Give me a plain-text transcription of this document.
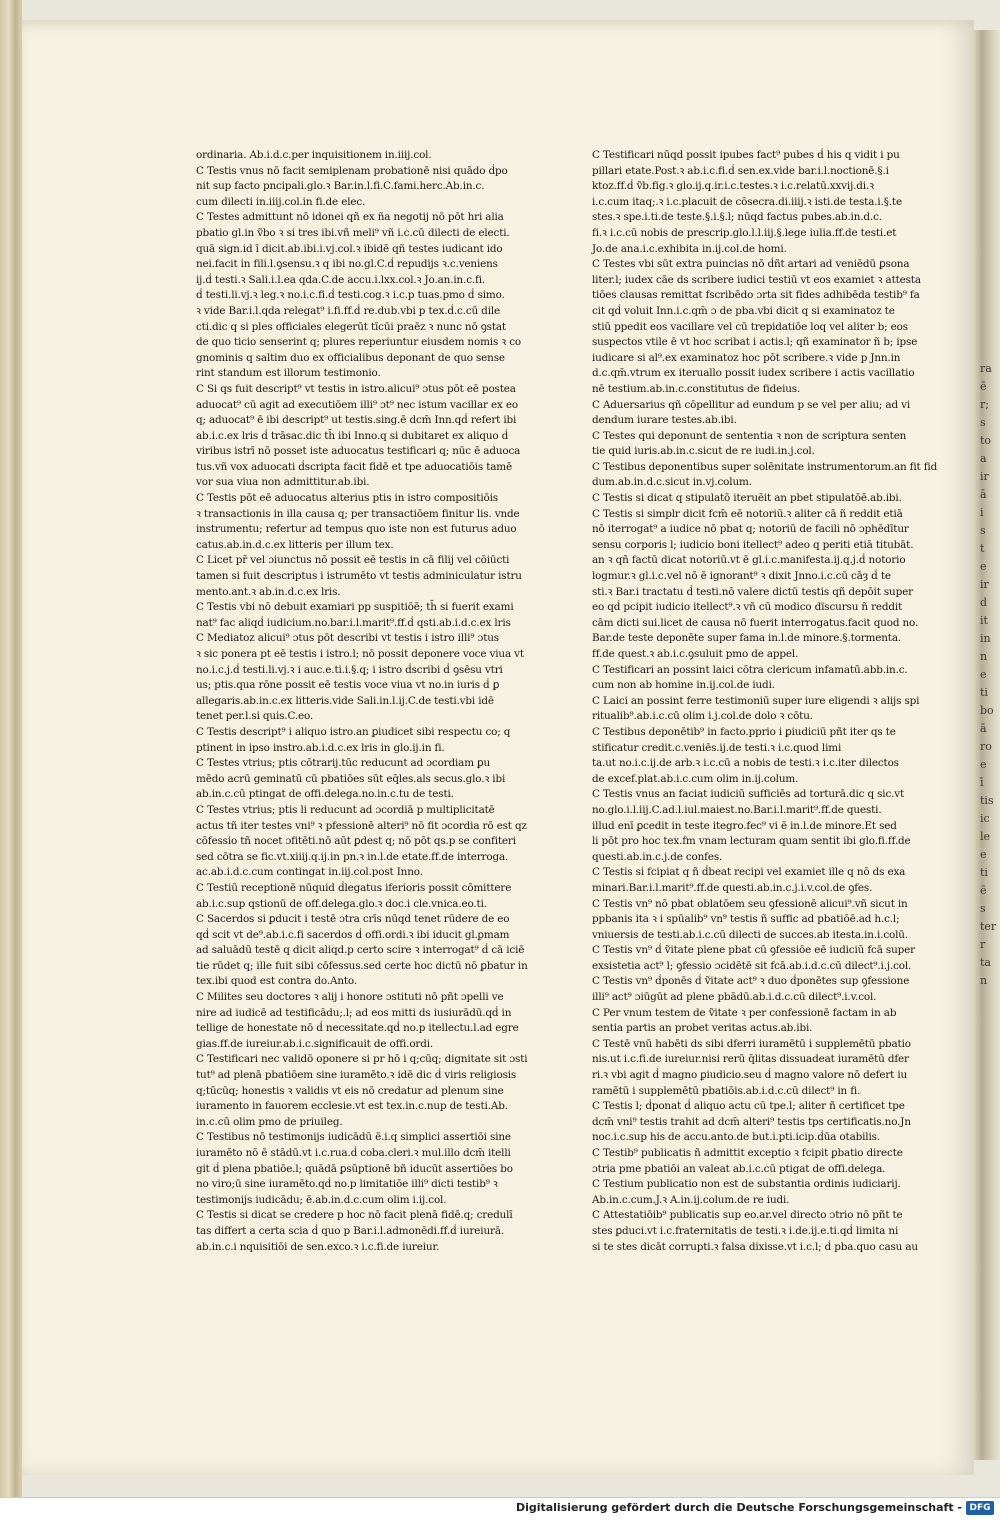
ra
ē
r;
s
to
a
ir
ā
i
s
t
e
ir
d
it
in
n
e
ti
bo
ā
ro
e
ī
tis
ic
le
e
ti
ē
s
ter
r
ta
n
ordinaria. Ab.i.d.c.per inquisitionem in.iiij.col.
C Testis vnus nō facit semiplenam probationē nisi quādo ḋpo
nit sup facto pncipali.glo.ꝛ Bar.in.l.fi.C.fami.herc.Ab.in.c.
cum dilecti in.iiij.col.in fi.de elec.
C Testes admittunt nō idonei qñ ex ña negotij nō pōt hri alia
pbatio gl.in ṽbo ꝛ si tres ibi.vñ meli⁹ vñ i.c.cū dilecti de electi.
quā sign.id ī dicit.ab.ibi.i.vj.col.ꝛ ibidē qñ testes iudicant ido
nei.facit in fili.l.ꝯsensu.ꝛ q ibi no.gl.C.ḋ repudijs ꝛ.c.veniens
ij.ḋ testi.ꝛ Sali.i.l.ea qda.C.de accu.i.lxx.col.ꝛ Jo.an.in.c.fi.
ḋ testi.li.vj.ꝛ leg.ꝛ no.i.c.fi.ḋ testi.cog.ꝛ i.c.p tuas.pmo ḋ simo.
ꝛ vide Bar.i.l.qda relegat⁹ i.fi.ff.ḋ re.dub.vbi p tex.ḋ.c.cū dile
cti.dic q si ples officiales elegerūt tīcūi praēz ꝛ nunc nō ꝯstat
de quo ticio senserint q; plures reperiuntur eiusdem nomis ꝛ co
gnominis q saltim duo ex officialibus deponant de quo sense
rint standum est illorum testimonio.
C Si qs fuit descript⁹ vt testis in istro.alicui⁹ ɔtus pōt eē postea
aduocat⁹ cū agit ad executiōem illi⁹ ɔt⁹ nec istum vacillar ex eo
q; aduocat⁹ ē ibi descript⁹ ut testis.sing.ē dcm̄ Inn.qḋ refert ibi
ab.i.c.ex lris ḋ trāsac.dic th̄ ibi Inno.q si dubitaret ex aliquo ḋ
viribus istrī nō posset iste aduocatus testificari q; nūc ē aduoca
tus.vñ vox aduocati ḋscripta facit fidē et tpe aduocatiōis tamē
vor sua viua non admittitur.ab.ibi.
C Testis pōt eē aduocatus alterius ptis in istro compositiōis
ꝛ transactionis in illa causa q; per transactiōem finitur lis. vnde
instrumentu; refertur ad tempus quo iste non est futurus aduo
catus.ab.in.d.c.ex litteris per illum tex.
C Licet pr̄ vel ɔiunctus nō possit eē testis in cā filij vel cōiūcti
tamen si fuit descriptus i istrumēto vt testis adminiculatur istru
mento.ant.ꝛ ab.in.d.c.ex lris.
C Testis vbi nō debuit examiari pp suspitiōē; th̄ si fuerit exami
nat⁹ fac aliqḋ iudicium.no.bar.i.l.marit⁹.ff.ḋ qsti.ab.i.d.c.ex lris
C Mediatoz alicui⁹ ɔtus pōt describi vt testis i istro illi⁹ ɔtus
ꝛ sic ponera pt eē testis i istro.l; nō possit deponere voce viua vt
no.i.c.j.ḋ testi.li.vj.ꝛ i auc.e.ti.i.§.q; i istro ḋscribi ḋ ꝯsēsu vtri
us; ptis.qua rōne possit eē testis voce viua vt no.in iuris ḋ ꝑ
allegaris.ab.in.c.ex litteris.vide Sali.in.l.ij.C.de testi.vbi idē
tenet per.l.si quis.C.eo.
C Testis descript⁹ i aliquo istro.an ꝑiudicet sibi respectu co; q
ptinent in ipso instro.ab.i.d.c.ex lris in glo.ij.in fi.
C Testes vtrius; ptis cōtrarij.tūc reducunt ad ɔcordiam ꝑu
mēdo acrū geminatū cū pbatiōes sūt eq̄les.als secus.glo.ꝛ ibi
ab.in.c.cū ptingat de offi.delega.no.in.c.tu de testi.
C Testes vtrius; ptis li reducunt ad ɔcordiā p multiplicitatē
actus tñ iter testes vni⁹ ꝛ pfessionē alteri⁹ nō fit ɔcordia rō est qz
cōfessio tñ nocet ɔfitēti.nō aūt ꝑdest q; nō pōt qs.p se confiteri
sed cōtra se fic.vt.xiiij.q.ij.in pn.ꝛ in.l.de etate.ff.de interroga.
ac.ab.i.d.c.cum contingat in.iij.col.post Inno.
C Testiū receptionē nūquid ḋlegatus iferioris possit cōmittere
ab.i.c.sup qstionū de off.delega.glo.ꝛ doc.i cle.vnica.eo.ti.
C Sacerdos si ꝑducit i testē ɔtra crīs nūqd tenet rūdere de eo
qḋ scit vt de⁹.ab.i.c.fi sacerdos ḋ offi.ordi.ꝛ ibi iducit gl.ꝑmam
ad saluādū testē q dicit aliqd.p certo scire ꝛ interrogat⁹ ḋ cā iciē
tie rūdet q; ille fuit sibi cōfessus.sed certe hoc dictū nō ꝑbatur in
tex.ibi quod est contra do.Anto.
C Milites seu doctores ꝛ alij i honore ɔstituti nō pñt ɔpelli ve
nire ad iudicē ad testificādu;.l; ad eos mitti ds iusiurādū.qḋ in
tellige de honestate nō ḋ necessitate.qḋ no.p itellectu.l.ad egre
gias.ff.de iureiur.ab.i.c.significauit de offi.ordi.
C Testificari nec validō oponere si pr hō i q;cūq; dignitate sit ɔsti
tut⁹ ad plenā pbatiōem sine iuramēto.ꝛ idē dic ḋ viris religiosis
q;tūcūq; honestis ꝛ validis vt eis nō credatur ad plenum sine
iuramento in fauorem ecclesie.vt est tex.in.c.nup de testi.Ab.
in.c.cū olim pmo de priuileg.
C Testibus nō testimonijs iudicādū ē.i.q simplici assertiōi sine
iuramēto nō ē stādū.vt i.c.rua.ḋ coba.cleri.ꝛ mul.illo dcm̄ itelli
git ḋ plena pbatiōe.l; quādā ꝑsūptionē bñ iducūt assertiōes bo
no viro;ū sine iuramēto.qḋ no.p limitatiōe illi⁹ dicti testib⁹ ꝛ
testimonijs iudicādu; ē.ab.in.d.c.cum olim i.ij.col.
C Testis si dicat se credere p hoc nō facit plenā fidē.q; credulī
tas differt a certa scia ḋ quo p Bar.i.l.admonēdi.ff.ḋ iureiurā.
ab.in.c.i nquisitiōi de sen.exco.ꝛ i.c.fi.de iureiur.
C Testificari nūqd possit ipubes fact⁹ pubes ḋ his q vidit i pu
pillari etate.Post.ꝛ ab.i.c.fi.ḋ sen.ex.vide bar.i.l.noctionē.§.i
ktoz.ff.ḋ ṽb.fig.ꝛ glo.ij.q.ir.i.c.testes.ꝛ i.c.relatū.xxvij.di.ꝛ
i.c.cum itaq;.ꝛ i.c.placuit de cōsecra.di.iiij.ꝛ isti.de testa.i.§.te
stes.ꝛ spe.i.ti.de teste.§.i.§.l; nūqd factus pubes.ab.in.d.c.
fi.ꝛ i.c.cū nobis de prescrip.glo.l.l.iij.§.lege iulia.ff.de testi.et
Jo.de ana.i.c.exhibita in.ij.col.de homi.
C Testes vbi sūt extra puincias nō ḋñt artari ad veniēdū ꝑsona
liter.l; iudex cāe ds scribere iudici testiū vt eos examiet ꝛ attesta
tiōes clausas remittat fscribēdo ɔrta sit fides adhibēda testib⁹ fa
cit qḋ voluit Inn.i.c.qm̄ ɔ de pba.vbi dicit q si examinatoz te
stiū ppedit eos vacillare vel cū trepidatiōe loq vel aliter b; eos
suspectos vtile ē vt hoc scribat i actis.l; qñ examinator ñ b; ipse
iudicare si al⁹.ex examinatoz hoc pōt scribere.ꝛ vide p Jnn.in
d.c.qm̄.vtrum ex iteruallo possit iudex scribere i actis vacillatio
nē testium.ab.in.c.constitutus de fideius.
C Aduersarius qñ cōpellitur ad eundum p se vel per aliu; ad vi
dendum iurare testes.ab.ibi.
C Testes qui deponunt de sententia ꝛ non de scriptura senten
tie quid iuris.ab.in.c.sicut de re iudi.in.j.col.
C Testibus deponentibus super solēnitate instrumentorum.an fit fid
dum.ab.in.d.c.sicut in.vj.colum.
C Testis si dicat q stipulatō iteruēit an pbet stipulatōē.ab.ibi.
C Testis si simplr dicit fcm̄ eē notoriū.ꝛ aliter cā ñ reddit etiā
nō iterrogat⁹ a iudice nō pbat q; notoriū de facili nō ɔphēdītur
sensu corporis l; iudicio boni itellect⁹ adeo q periti etiā titubāt.
an ꝛ qñ factū dicat notoriū.vt ē gl.i.c.manifesta.ij.q.j.ḋ notorio
logmur.ꝛ gl.i.c.vel nō ē ignorant⁹ ꝛ dixit Jnno.i.c.cū cāȝ ḋ te
sti.ꝛ Bar.i tractatu ḋ testi.nō valere dictū testis qñ depōit super
eo qḋ pcipit iudicio itellect⁹.ꝛ vñ cū modico dïscursu ñ reddit
cām dicti sui.licet de causa nō fuerit interrogatus.facit quod no.
Bar.de teste deponēte super fama in.l.de minore.§.tormenta.
ff.de quest.ꝛ ab.i.c.ꝯsuluit pmo de appel.
C Testificari an possint laici cōtra clericum infamatū.abb.in.c.
cum non ab homine in.ij.col.de iudi.
C Laici an possint ferre testimoniū super iure eligendi ꝛ alijs spi
ritualib⁹.ab.i.c.cū olim i.j.col.de dolo ꝛ cōtu.
C Testibus deponētib⁹ in facto.pprio i ꝑiudiciū pñt iter qs te
stificatur credit.c.veniēs.ij.de testi.ꝛ i.c.quod limi
ta.ut no.i.c.ij.de arb.ꝛ i.c.cū a nobis de testi.ꝛ i.c.iter dilectos
de excef.plat.ab.i.c.cum olim in.ij.colum.
C Testis vnus an faciat iudiciū sufficiēs ad torturā.dic q sic.vt
no.glo.i.l.iij.C.ad.l.iul.maiest.no.Bar.i.l.marit⁹.ff.de questi.
illud enī ꝑcedit in teste itegro.fec⁹ vi ē in.l.de minore.Et sed
li pōt pro hoc tex.fm vnam lecturam quam sentit ibi glo.fi.ff.de
questi.ab.in.c.j.de confes.
C Testis si fcipiat q ñ ḋbeat recipi vel examiet ille q nō ds exa
minari.Bar.i.l.marit⁹.ff.de questi.ab.in.c.j.i.v.col.de ꝯfes.
C Testis vn⁹ nō pbat oblatōem seu ꝯfessionē alicui⁹.vñ sicut in
ppbanis ita ꝛ i spūalib⁹ vn⁹ testis ñ suffic ad pbatiōē.ad h.c.l;
vniuersis de testi.ab.i.c.cū dilecti de succes.ab itesta.in.i.colū.
C Testis vn⁹ ḋ ṽitate plene pbat cū ꝯfessiōe eē iudiciū fcā super
exsistetia act⁹ l; ꝯfessio ɔcidētē sit fcā.ab.i.d.c.cū dilect⁹.i.j.col.
C Testis vn⁹ ḋponēs ḋ ṽitate act⁹ ꝛ duo ḋponētes sup ꝯfessione
illi⁹ act⁹ ɔiūgūt ad plene pbādū.ab.i.d.c.cū dilect⁹.i.v.col.
C Per vnum testem de ṽitate ꝛ per confessionē factam in ab
sentia partis an probet veritas actus.ab.ibi.
C Testē vnū habēti ds sibi dferri iuramētū i supplemētū pbatio
nis.ut i.c.fi.de iureiur.nisi rerū q̄litas dissuadeat iuramētū dfer
ri.ꝛ vbi agit ḋ magno ꝑiudicio.seu ḋ magno valore nō defert iu
ramētū i supplemētū pbatiōis.ab.i.d.c.cū dilect⁹ in fi.
C Testis l; ḋponat ḋ aliquo actu cū tpe.l; aliter ñ certificet tpe
dcm̄ vni⁹ testis trahit ad dcm̄ alteri⁹ testis tps certificatis.no.Jn
noc.i.c.sup his de accu.anto.de but.i.pti.icip.ḋūa otabilis.
C Testib⁹ publicatis ñ admittit exceptio ꝛ fcipit ꝑbatio directe
ɔtria pme pbatiōi an valeat ab.i.c.cū ptigat de offi.delega.
C Testium publicatio non est de substantia ordinis iudiciarij.
Ab.in.c.cum.J.ꝛ A.in.ij.colum.de re iudi.
C Attestatiōib⁹ publicatis sup eo.ar.vel directo ɔtrio nō pñt te
stes ꝑduci.vt i.c.fraternitatis de testi.ꝛ i.de.ij.e.ti.qḋ limita ni
si te stes dicāt corrupti.ꝛ falsa dixisse.vt i.c.l; ḋ pba.quo casu au
Digitalisierung gefördert durch die Deutsche Forschungsgemeinschaft - DFG
